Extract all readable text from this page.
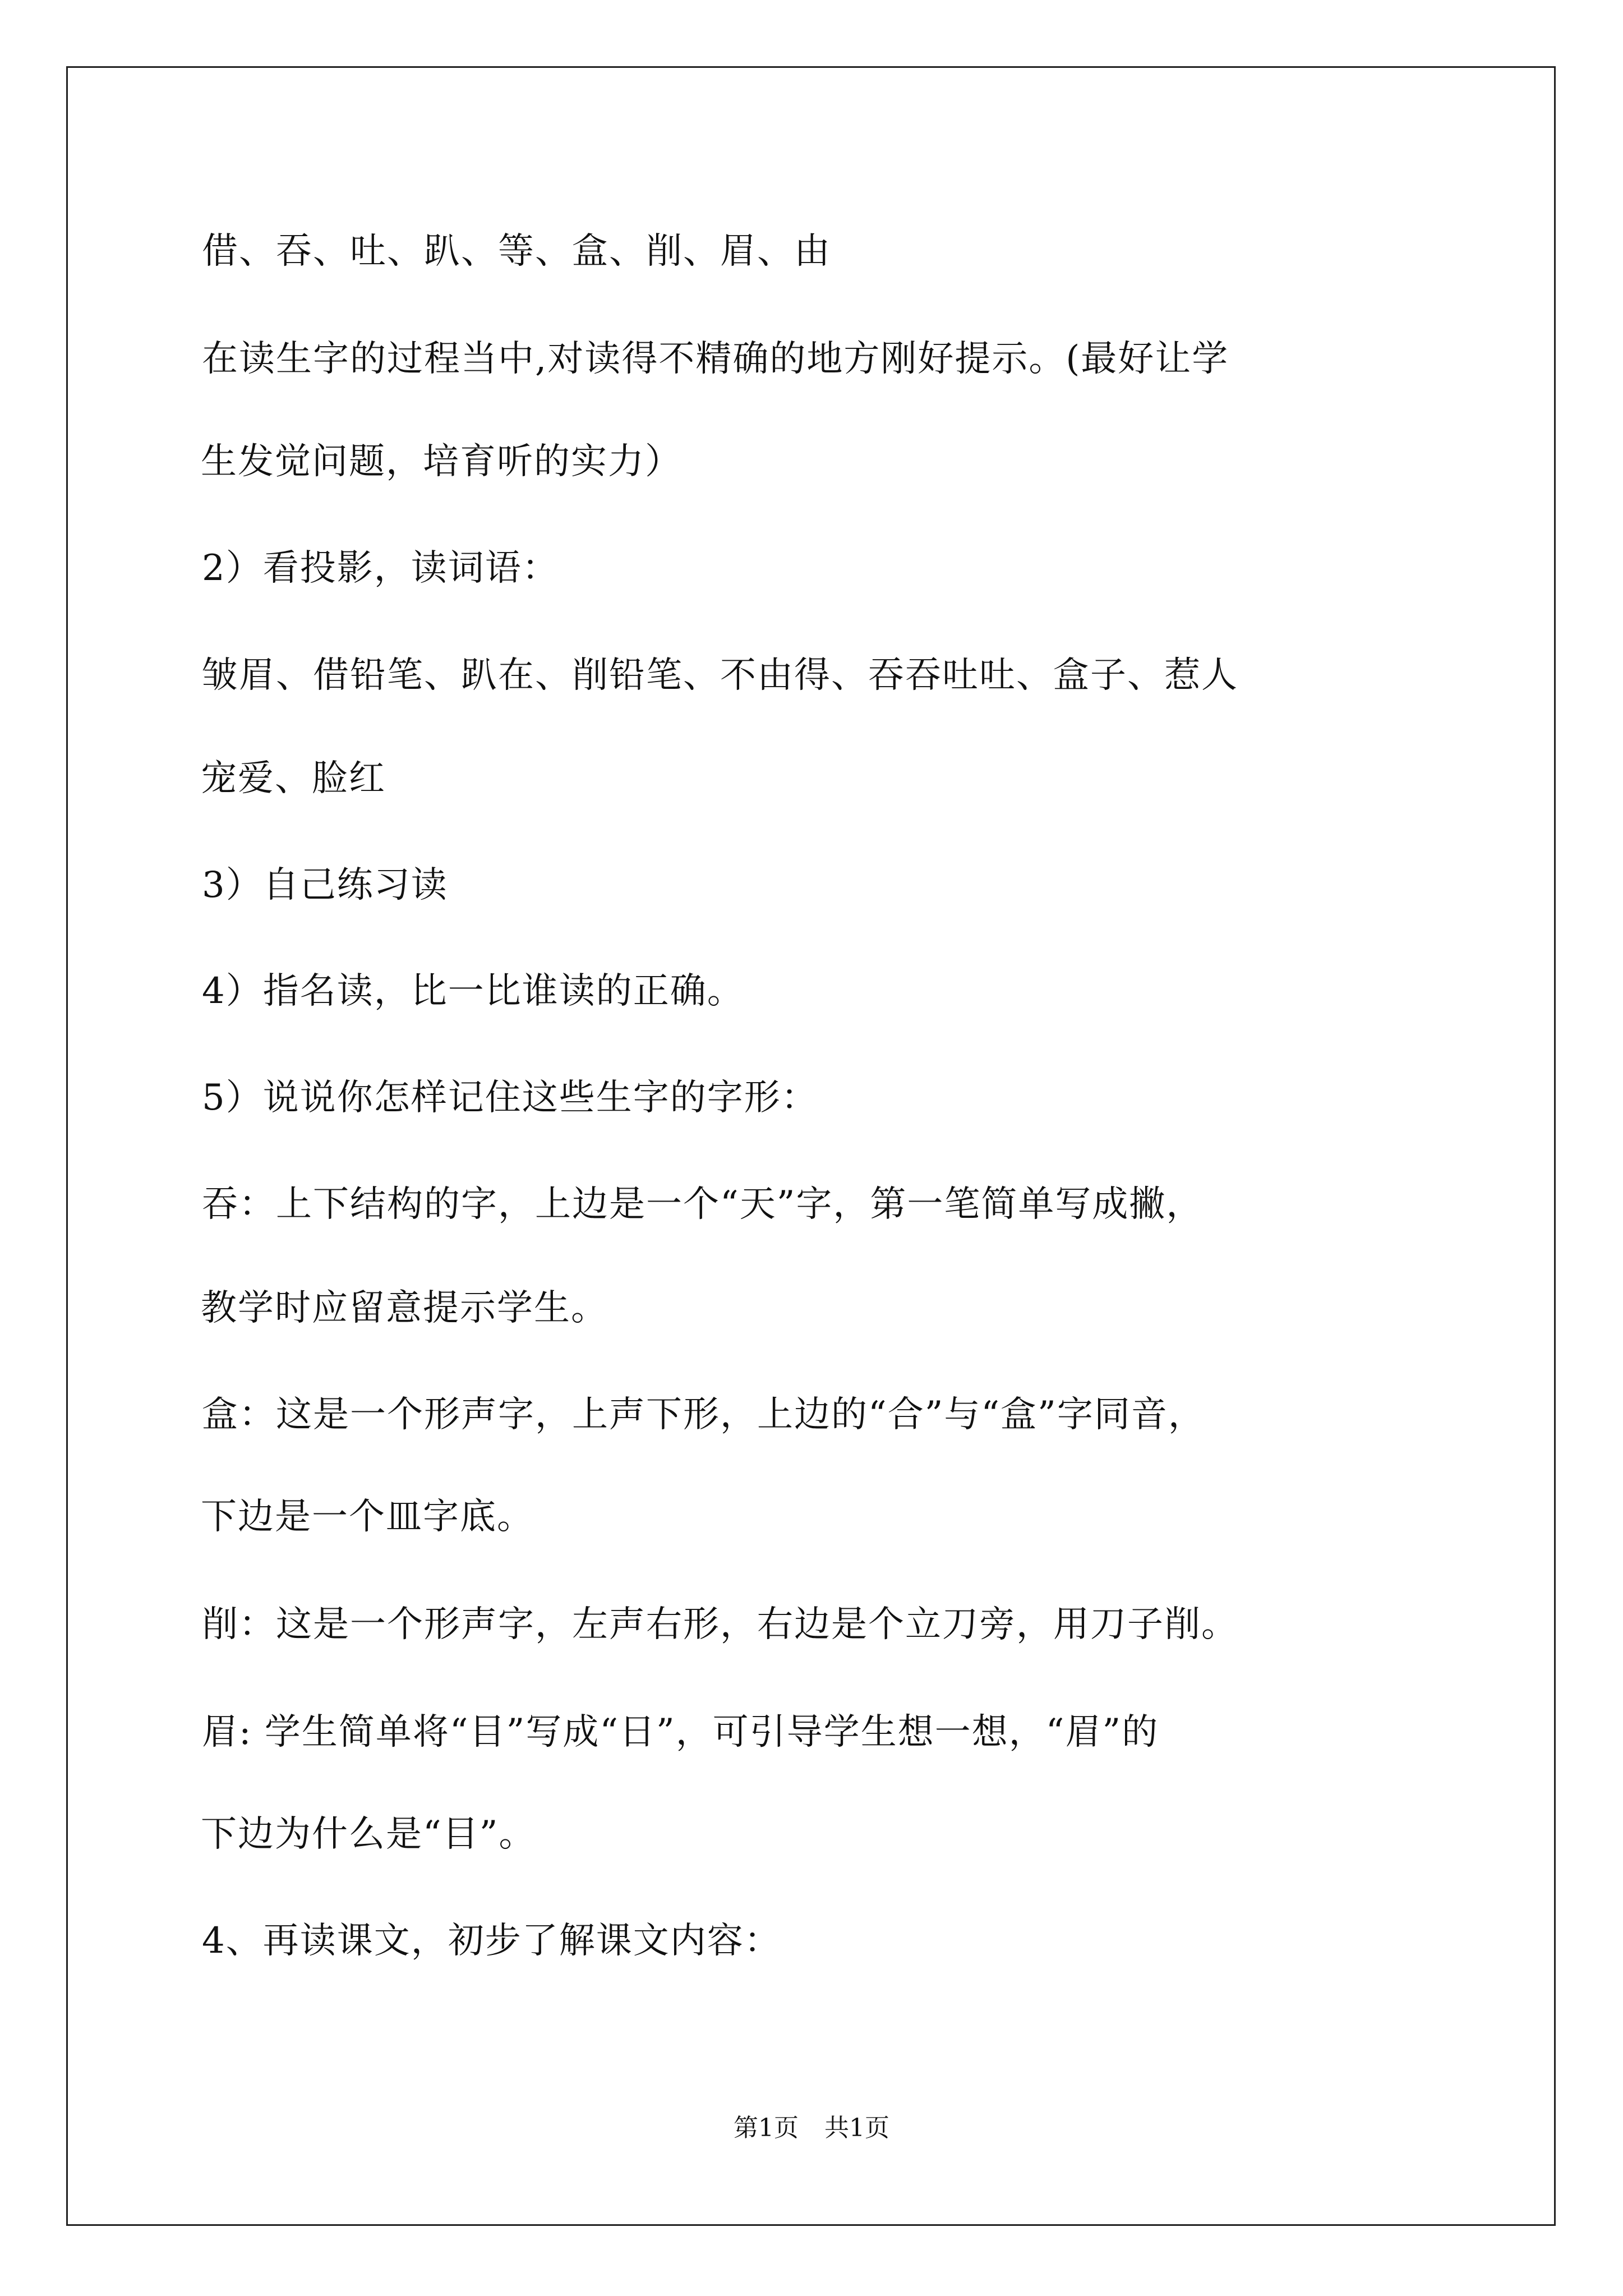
借、吞、吐、趴、等、盒、削、眉、由
在读生字的过程当中,对读得不精确的地方刚好提示。(最好让学
生发觉问题，培育听的实力）
2）看投影，读词语：
皱眉、借铅笔、趴在、削铅笔、不由得、吞吞吐吐、盒子、惹人
宠爱、脸红
3）自己练习读
4）指名读，比一比谁读的正确。
5）说说你怎样记住这些生字的字形：
吞：上下结构的字，上边是一个“天”字，第一笔简单写成撇，
教学时应留意提示学生。
盒：这是一个形声字，上声下形，上边的“合”与“盒”字同音，
下边是一个皿字底。
削：这是一个形声字，左声右形，右边是个立刀旁，用刀子削。
眉: 学生简单将“目”写成“日”，可引导学生想一想，“眉”的
下边为什么是“目”。
4、再读课文，初步了解课文内容：
第1页 共1页
